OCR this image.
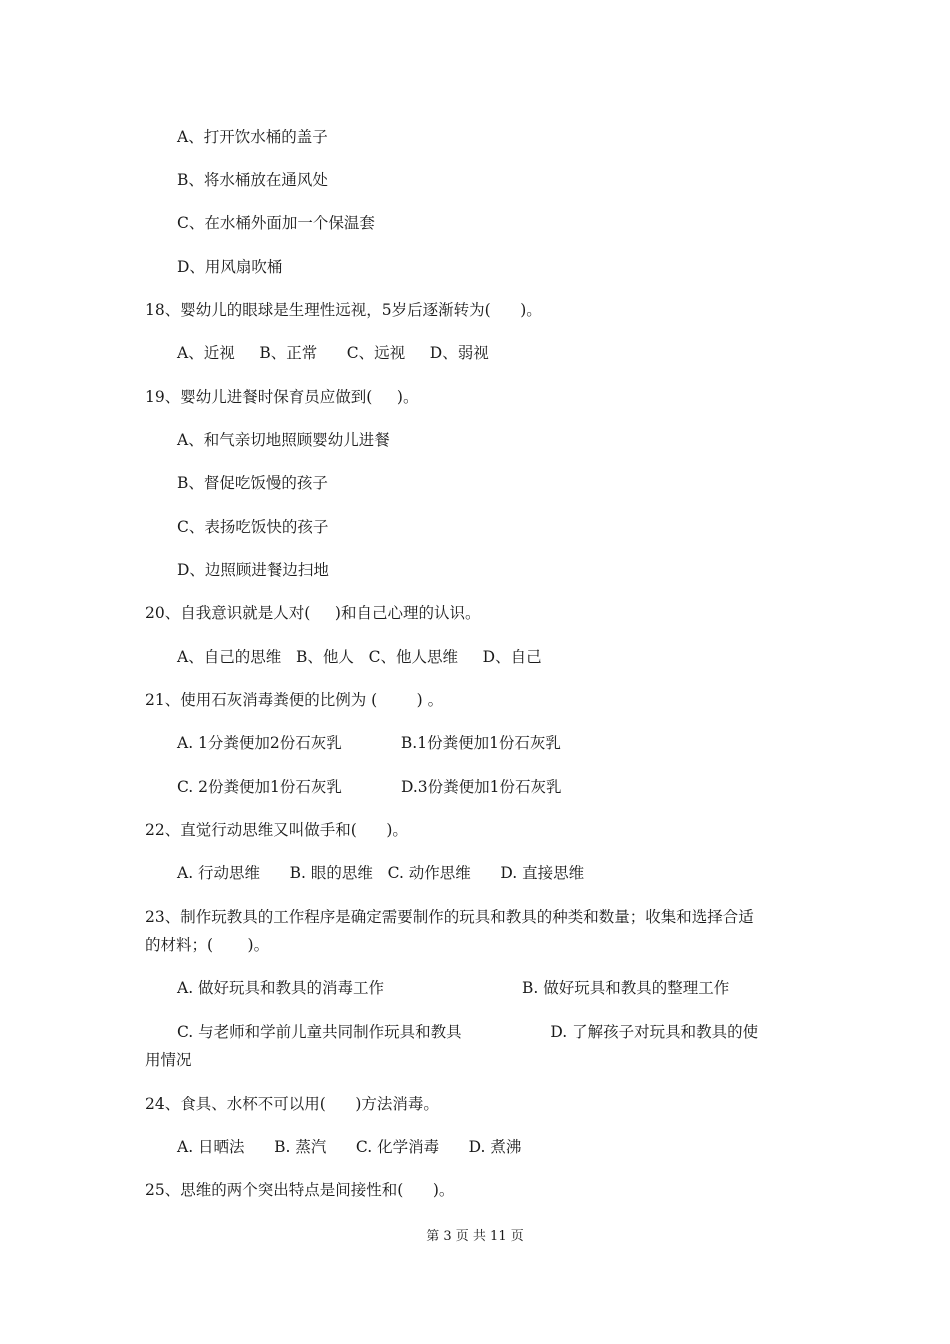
A、打开饮水桶的盖子
B、将水桶放在通风处
C、在水桶外面加一个保温套
D、用风扇吹桶
18、婴幼儿的眼球是生理性远视，5岁后逐渐转为(      )。
A、近视     B、正常      C、远视     D、弱视
19、婴幼儿进餐时保育员应做到(     )。
A、和气亲切地照顾婴幼儿进餐
B、督促吃饭慢的孩子
C、表扬吃饭快的孩子
D、边照顾进餐边扫地
20、自我意识就是人对(     )和自己心理的认识。
A、自己的思维   B、他人   C、他人思维     D、自己
21、使用石灰消毒粪便的比例为 (        ) 。
A. 1分粪便加2份石灰乳            B.1份粪便加1份石灰乳
C. 2份粪便加1份石灰乳            D.3份粪便加1份石灰乳
22、直觉行动思维又叫做手和(      )。
A. 行动思维      B. 眼的思维   C. 动作思维      D. 直接思维
23、制作玩教具的工作程序是确定需要制作的玩具和教具的种类和数量；收集和选择合适
的材料；(       )。
A. 做好玩具和教具的消毒工作                            B. 做好玩具和教具的整理工作
C. 与老师和学前儿童共同制作玩具和教具                  D. 了解孩子对玩具和教具的使
用情况
24、食具、水杯不可以用(      )方法消毒。
A. 日晒法      B. 蒸汽      C. 化学消毒      D. 煮沸
25、思维的两个突出特点是间接性和(      )。
第 3 页 共 11 页
